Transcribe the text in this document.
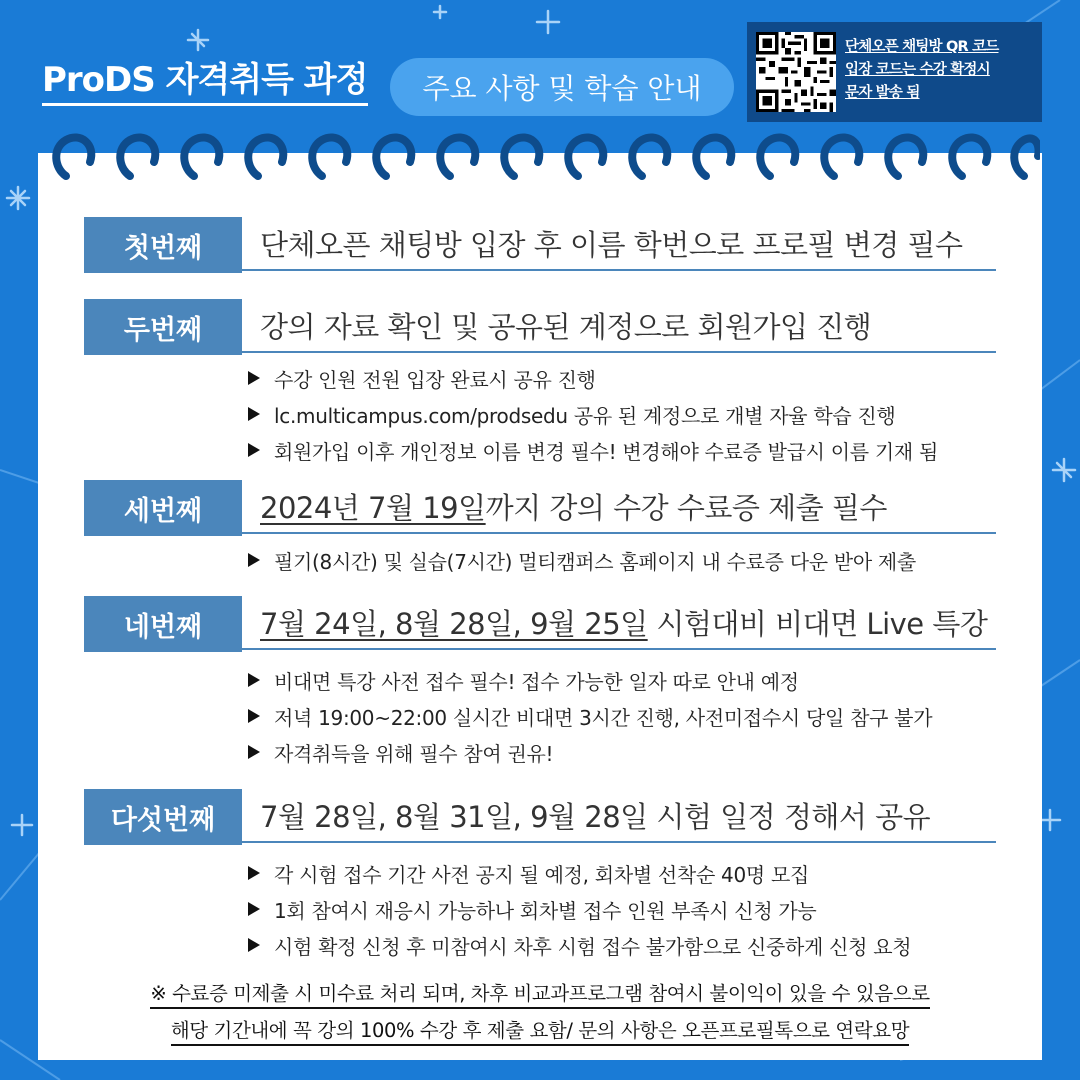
ProDS 자격취득 과정	주요 사항 및 학습 안내
단체오픈 채팅방 QR 코드
입장 코드는 수강 확정시
문자 발송 됨
첫번째	단체오픈 채팅방 입장 후 이름 학번으로 프로필 변경 필수
두번째	강의 자료 확인 및 공유된 계정으로 회원가입 진행
수강 인원 전원 입장 완료시 공유 진행
lc.multicampus.com/prodsedu 공유 된 계정으로 개별 자율 학습 진행
회원가입 이후 개인정보 이름 변경 필수! 변경해야 수료증 발급시 이름 기재 됨
세번째	2024년 7월 19일 까지 강의 수강 수료증 제출 필수
필기(8시간) 및 실습(7시간) 멀티캠퍼스 홈페이지 내 수료증 다운 받아 제출
네번째	7월 24일, 8월 28일, 9월 25일 시험대비 비대면 Live 특강
비대면 특강 사전 접수 필수! 접수 가능한 일자 따로 안내 예정
저녁 19:00~22:00 실시간 비대면 3시간 진행, 사전미접수시 당일 참구 불가
자격취득을 위해 필수 참여 권유!
다섯번째	7월 28일, 8월 31일, 9월 28일 시험 일정 정해서 공유
각 시험 접수 기간 사전 공지 될 예정, 회차별 선착순 40명 모집
1회 참여시 재응시 가능하나 회차별 접수 인원 부족시 신청 가능
시험 확정 신청 후 미참여시 차후 시험 접수 불가함으로 신중하게 신청 요청
※ 수료증 미제출 시 미수료 처리 되며, 차후 비교과프로그램 참여시 불이익이 있을 수 있음으로
해당 기간내에 꼭 강의 100% 수강 후 제출 요함/ 문의 사항은 오픈프로필톡으로 연락요망
